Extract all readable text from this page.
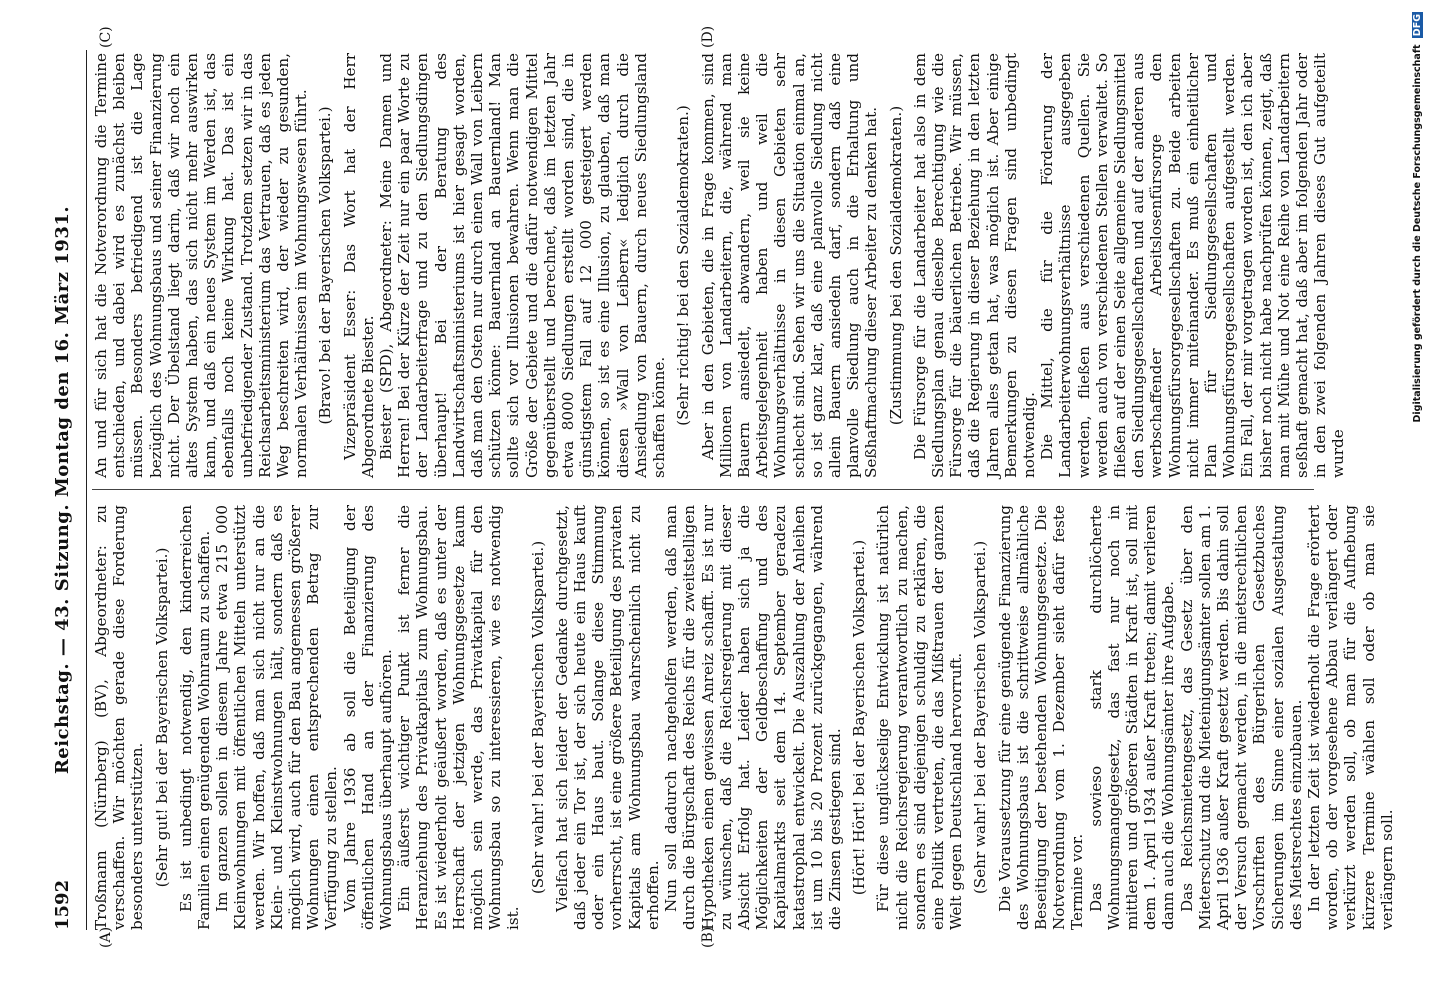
1592
Reichstag. — 43. Sitzung. Montag den 16. März 1931.
(A)	(B)
(C)	(D)

Troßmann (Nürnberg) (BV), Abgeordneter: zu verschaffen. Wir möchten gerade diese Forderung besonders unterstützen. (Sehr gut! bei der Bayerischen Volkspartei.) Es ist unbedingt notwendig, den kinderreichen Familien einen genügenden Wohnraum zu schaffen. Im ganzen sollen in diesem Jahre etwa 215 000 Kleinwohnungen mit öffentlichen Mitteln unterstützt werden. Wir hoffen, daß man sich nicht nur an die Klein- und Kleinstwohnungen hält, sondern daß es möglich wird, auch für den Bau angemessen größerer Wohnungen einen entsprechenden Betrag zur Verfügung zu stellen. Vom Jahre 1936 ab soll die Beteiligung der öffentlichen Hand an der Finanzierung des Wohnungsbaus überhaupt aufhören. Ein äußerst wichtiger Punkt ist ferner die Heranziehung des Privatkapitals zum Wohnungsbau. Es ist wiederholt geäußert worden, daß es unter der Herrschaft der jetzigen Wohnungsgesetze kaum möglich sein werde, das Privatkapital für den Wohnungsbau so zu interessieren, wie es notwendig ist.

(Sehr wahr! bei der Bayerischen Volkspartei.) Vielfach hat sich leider der Gedanke durchgesetzt, daß jeder ein Tor ist, der sich heute ein Haus kauft oder ein Haus baut. Solange diese Stimmung vorherrscht, ist eine größere Beteiligung des privaten Kapitals am Wohnungsbau wahrscheinlich nicht zu erhoffen. Nun soll dadurch nachgeholfen werden, daß man durch die Bürgschaft des Reichs für die zweitstelligen Hypotheken einen gewissen Anreiz schafft. Es ist nur zu wünschen, daß die Reichsregierung mit dieser Absicht Erfolg hat. Leider haben sich ja die Möglichkeiten der Geldbeschaffung und des Kapitalmarkts seit dem 14. September geradezu katastrophal entwickelt. Die Auszahlung der Anleihen ist um 10 bis 20 Prozent zurückgegangen, während die Zinsen gestiegen sind. (Hört! Hört! bei der Bayerischen Volkspartei.) Für diese unglückselige Entwicklung ist natürlich nicht die Reichsregierung verantwortlich zu machen, sondern es sind diejenigen schuldig zu erklären, die eine Politik vertreten, die das Mißtrauen der ganzen Welt gegen Deutschland hervorruft. (Sehr wahr! bei der Bayerischen Volkspartei.) Die Voraussetzung für eine genügende Finanzierung des Wohnungsbaus ist die schrittweise allmähliche Beseitigung der bestehenden Wohnungsgesetze. Die Notverordnung vom 1. Dezember sieht dafür feste Termine vor. Das sowieso stark durchlöcherte Wohnungsmangelgesetz, das fast nur noch in mittleren und größeren Städten in Kraft ist, soll mit dem 1. April 1934 außer Kraft treten; damit verlieren dann auch die Wohnungsämter ihre Aufgabe. Das Reichsmietengesetz, das Gesetz über den Mieterschutz und die Mieteinigungsämter sollen am 1. April 1936 außer Kraft gesetzt werden. Bis dahin soll der Versuch gemacht werden, in die mietsrechtlichen Vorschriften des Bürgerlichen Gesetzbuches Sicherungen im Sinne einer sozialen Ausgestaltung des Mietsrechtes einzubauen. In der letzten Zeit ist wiederholt die Frage erörtert worden, ob der vorgesehene Abbau verlängert oder verkürzt werden soll, ob man für die Aufhebung kürzere Termine wählen soll oder ob man sie verlängern soll.

An und für sich hat die Notverordnung die Termine entschieden, und dabei wird es zunächst bleiben müssen. Besonders befriedigend ist die Lage bezüglich des Wohnungsbaus und seiner Finanzierung nicht. Der Übelstand liegt darin, daß wir noch ein altes System haben, das sich nicht mehr auswirken kann, und daß ein neues System im Werden ist, das ebenfalls noch keine Wirkung hat. Das ist ein unbefriedigender Zustand. Trotzdem setzen wir in das Reichsarbeitsministerium das Vertrauen, daß es jeden Weg beschreiten wird, der wieder zu gesunden, normalen Verhältnissen im Wohnungswesen führt. (Bravo! bei der Bayerischen Volkspartei.) Vizepräsident Esser: Das Wort hat der Herr Abgeordnete Biester. Biester (SPD), Abgeordneter: Meine Damen und Herren! Bei der Kürze der Zeit nur ein paar Worte zu der Landarbeiterfrage und zu den Siedlungsdingen überhaupt! Bei der Beratung des Landwirtschaftsministeriums ist hier gesagt worden, daß man den Osten nur durch einen Wall von Leibern schützen könne: Bauernland an Bauernland! Man sollte sich vor Illusionen bewahren. Wenn man die Größe der Gebiete und die dafür notwendigen Mittel gegenüberstellt und berechnet, daß im letzten Jahr etwa 8000 Siedlungen erstellt worden sind, die in günstigstem Fall auf 12 000 gesteigert werden können, so ist es eine Illusion, zu glauben, daß man diesen »Wall von Leibern« lediglich durch die Ansiedlung von Bauern, durch neues Siedlungsland schaffen könne. (Sehr richtig! bei den Sozialdemokraten.) Aber in den Gebieten, die in Frage kommen, sind Millionen von Landarbeitern, die, während man Bauern ansiedelt, abwandern, weil sie keine Arbeitsgelegenheit haben und weil die Wohnungsverhältnisse in diesen Gebieten sehr schlecht sind. Sehen wir uns die Situation einmal an, so ist ganz klar, daß eine planvolle Siedlung nicht allein Bauern ansiedeln darf, sondern daß eine planvolle Siedlung auch in die Erhaltung und Seßhaftmachung dieser Arbeiter zu denken hat. (Zustimmung bei den Sozialdemokraten.) Die Fürsorge für die Landarbeiter hat also in dem Siedlungsplan genau dieselbe Berechtigung wie die Fürsorge für die bäuerlichen Betriebe. Wir müssen, daß die Regierung in dieser Beziehung in den letzten Jahren alles getan hat, was möglich ist. Aber einige Bemerkungen zu diesen Fragen sind unbedingt notwendig. Die Mittel, die für die Förderung der Landarbeiterwohnungsverhältnisse ausgegeben werden, fließen aus verschiedenen Quellen. Sie werden auch von verschiedenen Stellen verwaltet. So fließen auf der einen Seite allgemeine Siedlungsmittel den Siedlungsgesellschaften und auf der anderen aus werbschaffender Arbeitslosenfürsorge den Wohnungsfürsorgegesellschaften zu. Beide arbeiten nicht immer miteinander. Es muß ein einheitlicher Plan für Siedlungsgesellschaften und Wohnungsfürsorgegesellschaften aufgestellt werden. Ein Fall, der mir vorgetragen worden ist, den ich aber bisher noch nicht habe nachprüfen können, zeigt, daß man mit Mühe und Not eine Reihe von Landarbeitern seßhaft gemacht hat, daß aber im folgenden Jahr oder in den zwei folgenden Jahren dieses Gut aufgeteilt wurde

Digitalisierung gefördert durch die Deutsche Forschungsgemeinschaft DFG
